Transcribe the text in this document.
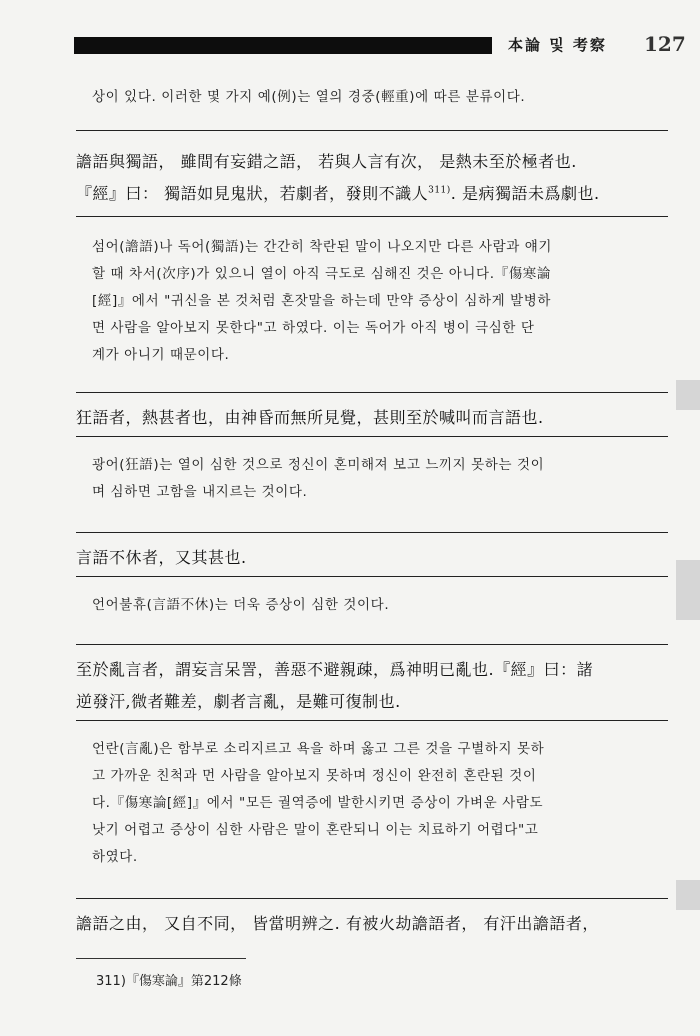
本論 및 考察 127
상이 있다. 이러한 몇 가지 예(例)는 열의 경중(輕重)에 따른 분류이다.
譫語與獨語， 雖間有妄錯之語， 若與人言有次， 是熱未至於極者也.
『經』曰： 獨語如見鬼狀，若劇者，發則不識人$^{311)}$. 是病獨語未爲劇也.
섬어(譫語)나 독어(獨語)는 간간히 착란된 말이 나오지만 다른 사람과 얘기
할 때 차서(次序)가 있으니 열이 아직 극도로 심해진 것은 아니다.『傷寒論
[經]』에서 "귀신을 본 것처럼 혼잣말을 하는데 만약 증상이 심하게 발병하
면 사람을 알아보지 못한다"고 하였다. 이는 독어가 아직 병이 극심한 단
계가 아니기 때문이다.
狂語者，熱甚者也，由神昏而無所見覺，甚則至於喊叫而言語也.
광어(狂語)는 열이 심한 것으로 정신이 혼미해져 보고 느끼지 못하는 것이
며 심하면 고함을 내지르는 것이다.
言語不休者，又其甚也.
언어불휴(言語不休)는 더욱 증상이 심한 것이다.
至於亂言者，謂妄言呆詈，善惡不避親疎，爲神明已亂也.『經』曰：諸
逆發汗,微者難差，劇者言亂，是難可復制也.
언란(言亂)은 함부로 소리지르고 욕을 하며 옳고 그른 것을 구별하지 못하
고 가까운 친척과 먼 사람을 알아보지 못하며 정신이 완전히 혼란된 것이
다.『傷寒論[經]』에서 "모든 궐역증에 발한시키면 증상이 가벼운 사람도
낫기 어렵고 증상이 심한 사람은 말이 혼란되니 이는 치료하기 어렵다"고
하였다.
譫語之由， 又自不同， 皆當明辨之. 有被火劫譫語者， 有汗出譫語者，
311)『傷寒論』第212條
